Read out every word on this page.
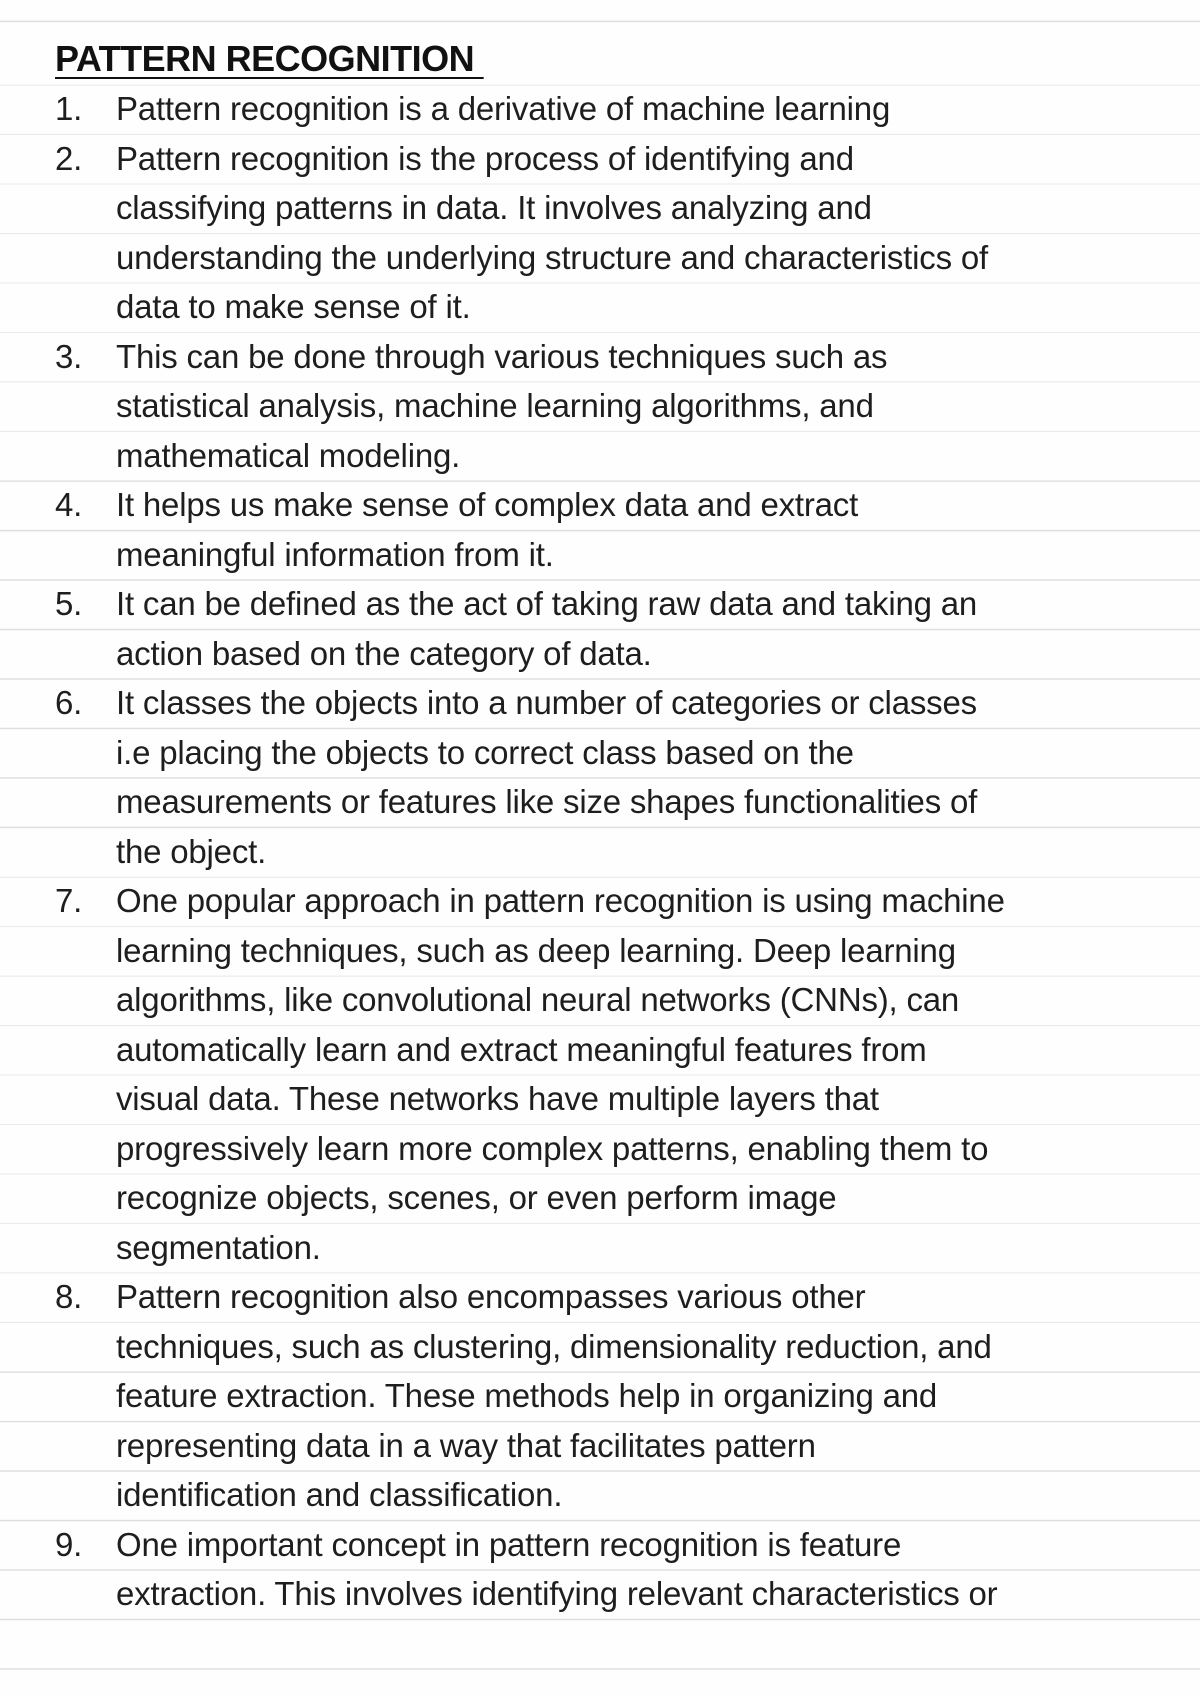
PATTERN RECOGNITION
1.	Pattern recognition is a derivative of machine learning
2.	Pattern recognition is the process of identifying and
classifying patterns in data. It involves analyzing and
understanding the underlying structure and characteristics of
data to make sense of it.
3.	This can be done through various techniques such as
statistical analysis, machine learning algorithms, and
mathematical modeling.
4.	It helps us make sense of complex data and extract
meaningful information from it.
5.	It can be defined as the act of taking raw data and taking an
action based on the category of data.
6.	It classes the objects into a number of categories or classes
i.e placing the objects to correct class based on the
measurements or features like size shapes functionalities of
the object.
7.	One popular approach in pattern recognition is using machine
learning techniques, such as deep learning. Deep learning
algorithms, like convolutional neural networks (CNNs), can
automatically learn and extract meaningful features from
visual data. These networks have multiple layers that
progressively learn more complex patterns, enabling them to
recognize objects, scenes, or even perform image
segmentation.
8.	Pattern recognition also encompasses various other
techniques, such as clustering, dimensionality reduction, and
feature extraction. These methods help in organizing and
representing data in a way that facilitates pattern
identification and classification.
9.	One important concept in pattern recognition is feature
extraction. This involves identifying relevant characteristics or
